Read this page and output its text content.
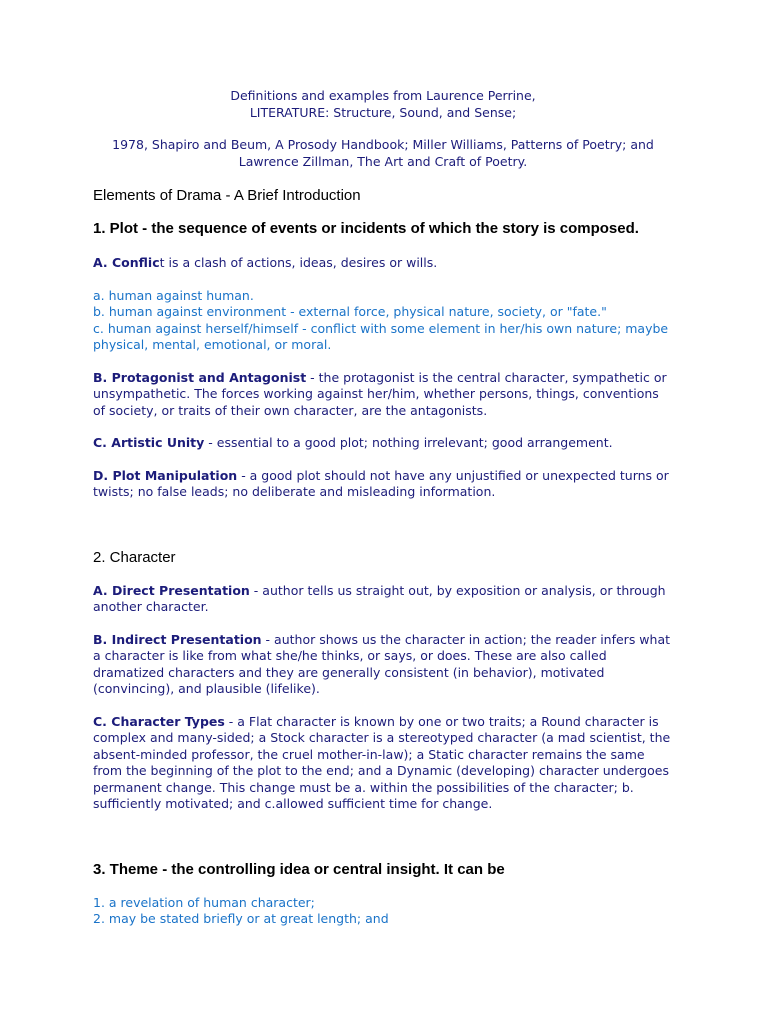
Definitions and examples from Laurence Perrine,
LITERATURE: Structure, Sound, and Sense;
1978, Shapiro and Beum, A Prosody Handbook; Miller Williams, Patterns of Poetry; and
Lawrence Zillman, The Art and Craft of Poetry.
Elements of Drama - A Brief Introduction
1. Plot - the sequence of events or incidents of which the story is composed.

A. Conflict is a clash of actions, ideas, desires or wills.

a. human against human.

b. human against environment - external force, physical nature, society, or "fate."

c. human against herself/himself - conflict with some element in her/his own nature; maybe physical, mental, emotional, or moral.

B. Protagonist and Antagonist - the protagonist is the central character, sympathetic or unsympathetic. The forces working against her/him, whether persons, things, conventions of society, or traits of their own character, are the antagonists.

C. Artistic Unity - essential to a good plot; nothing irrelevant; good arrangement.

D. Plot Manipulation - a good plot should not have any unjustified or unexpected turns or twists; no false leads; no deliberate and misleading information.

2. Character

A. Direct Presentation - author tells us straight out, by exposition or analysis, or through another character.

B. Indirect Presentation - author shows us the character in action; the reader infers what a character is like from what she/he thinks, or says, or does. These are also called dramatized characters and they are generally consistent (in behavior), motivated (convincing), and plausible (lifelike).

C. Character Types - a Flat character is known by one or two traits; a Round character is complex and many-sided; a Stock character is a stereotyped character (a mad scientist, the absent-minded professor, the cruel mother-in-law); a Static character remains the same from the beginning of the plot to the end; and a Dynamic (developing) character undergoes permanent change. This change must be a. within the possibilities of the character; b. sufficiently motivated; and c.allowed sufficient time for change.

3. Theme - the controlling idea or central insight. It can be

1. a revelation of human character;

2. may be stated briefly or at great length; and
